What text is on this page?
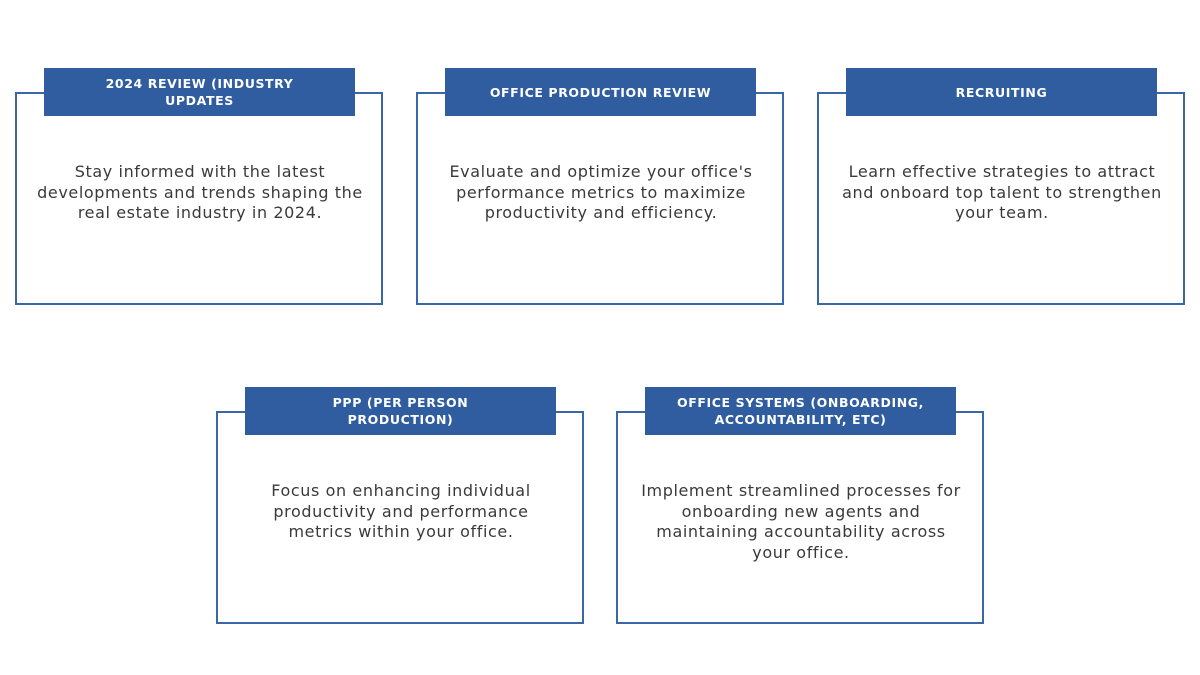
2024 REVIEW (INDUSTRY UPDATES
OFFICE PRODUCTION REVIEW	RECRUITING
PPP (PER PERSON PRODUCTION)
OFFICE SYSTEMS (ONBOARDING, ACCOUNTABILITY, ETC)
Stay informed with the latest developments and trends shaping the real estate industry in 2024.
Evaluate and optimize your office's performance metrics to maximize productivity and efficiency.
Learn effective strategies to attract and onboard top talent to strengthen your team.
Focus on enhancing individual productivity and performance metrics within your office.
Implement streamlined processes for onboarding new agents and maintaining accountability across your office.
